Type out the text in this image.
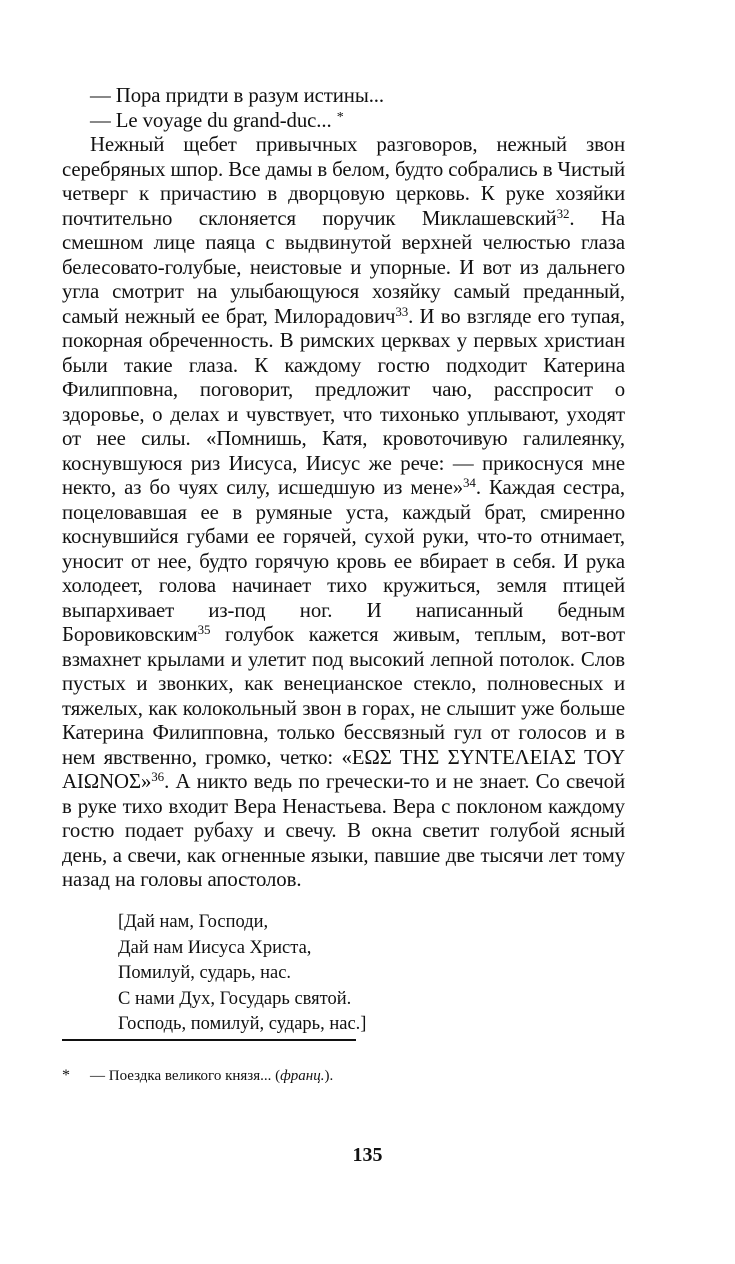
— Пора придти в разум истины...

— Le voyage du grand-duc... *

Нежный щебет привычных разговоров, нежный звон серебряных шпор. Все дамы в белом, будто собрались в Чистый четверг к причастию в дворцовую церковь. К руке хозяйки почтительно склоняется поручик Миклашевский$^{32}$. На смешном лице паяца с выдвинутой верхней челюстью глаза белесовато-голубые, неистовые и упорные. И вот из дальнего угла смотрит на улыбающуюся хозяйку самый преданный, самый нежный ее брат, Милорадович$^{33}$. И во взгляде его тупая, покорная обреченность. В римских церквах у первых христиан были такие глаза. К каждому гостю подходит Катерина Филипповна, поговорит, предложит чаю, расспросит о здоровье, о делах и чувствует, что тихонько уплывают, уходят от нее силы. «Помнишь, Катя, кровоточивую галилеянку, коснувшуюся риз Иисуса, Иисус же рече: — прикоснуся мне некто, аз бо чуях силу, исшедшую из мене»$^{34}$. Каждая сестра, поцеловавшая ее в румяные уста, каждый брат, смиренно коснувшийся губами ее горячей, сухой руки, что-то отнимает, уносит от нее, будто горячую кровь ее вбирает в себя. И рука холодеет, голова начинает тихо кружиться, земля птицей выпархивает из-под ног. И написанный бедным Боровиковским$^{35}$ голубок кажется живым, теплым, вот-вот взмахнет крылами и улетит под высокий лепной потолок. Слов пустых и звонких, как венецианское стекло, полновесных и тяжелых, как колокольный звон в горах, не слышит уже больше Катерина Филипповна, только бессвязный гул от голосов и в нем явственно, громко, четко: «ΕΩΣ ΤΗΣ ΣΥΝΤΕΛΕΙΑΣ ΤΟΥ ΑΙΩΝΟΣ»$^{36}$. А никто ведь по гречески-то и не знает. Со свечой в руке тихо входит Вера Ненастьева. Вера с поклоном каждому гостю подает рубаху и свечу. В окна светит голубой ясный день, а свечи, как огненные языки, павшие две тысячи лет тому назад на головы апостолов.

[Дай нам, Господи,
Дай нам Иисуса Христа,
Помилуй, сударь, нас.
С нами Дух, Государь святой.
Господь, помилуй, сударь, нас.]
* — Поездка великого князя... (франц.).
135
